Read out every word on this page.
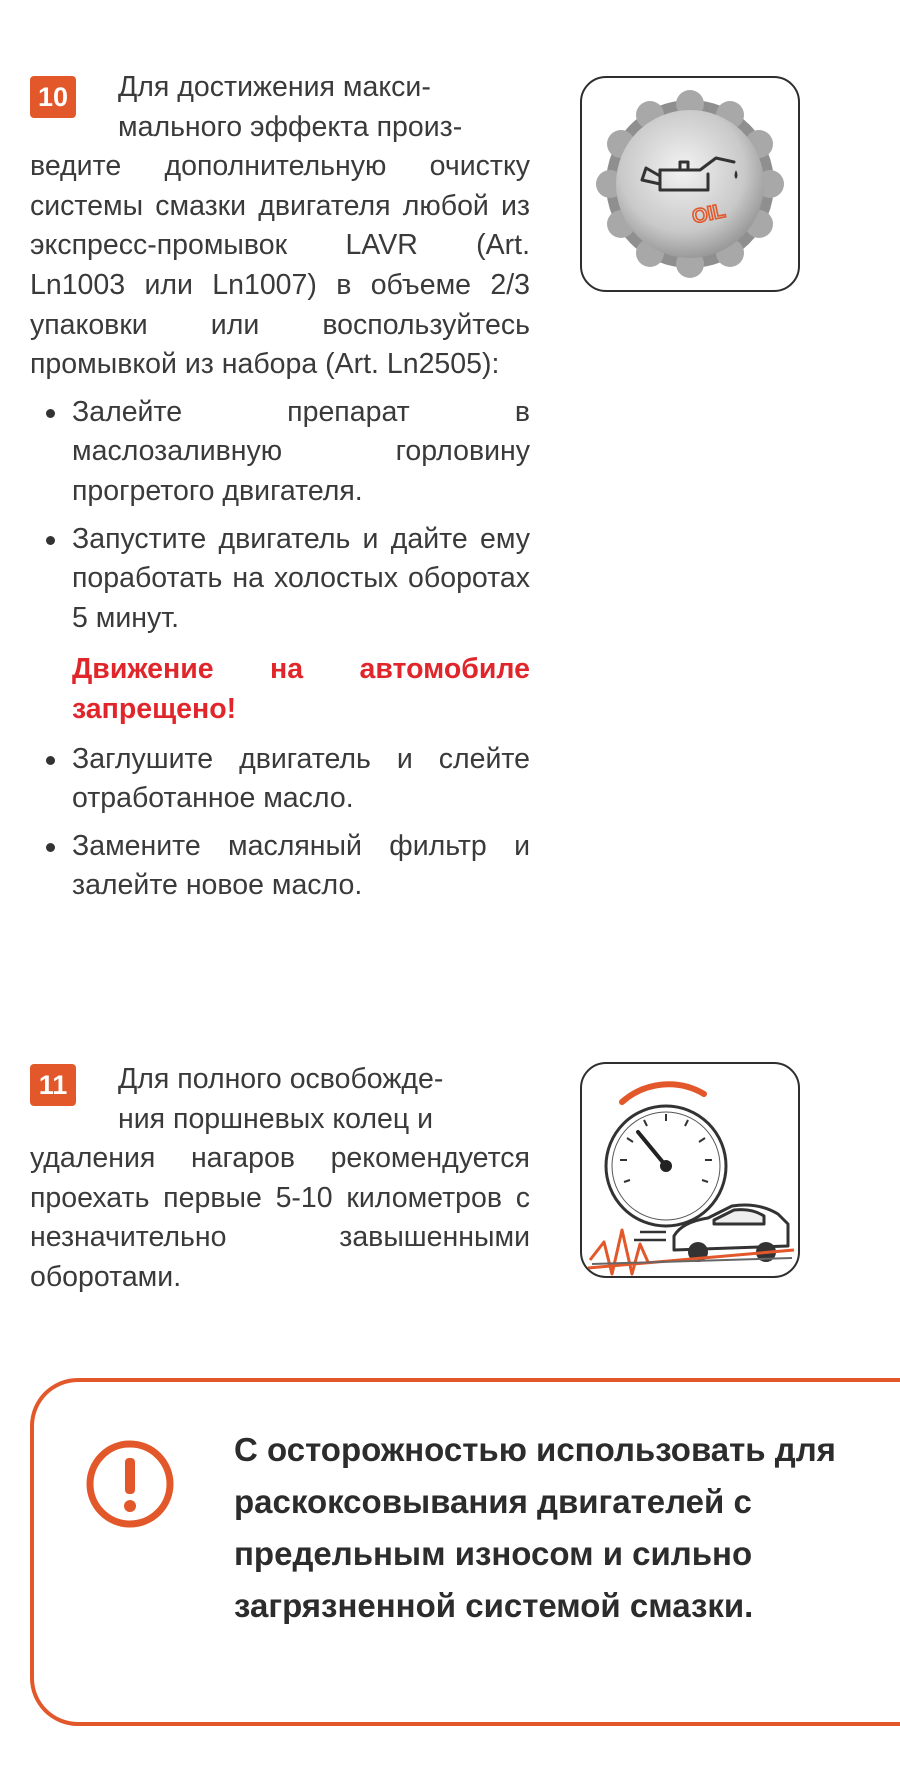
10	Для достижения макси-
мального эффекта произ-
ведите дополнительную очистку системы смазки двигателя любой из экспресс-промывок LAVR (Art. Ln1003 или Ln1007) в объеме 2/3 упаковки или воспользуйтесь промывкой из набора (Art. Ln2505):
Залейте препарат в маслозаливную горловину прогретого двигателя.
Запустите двигатель и дайте ему поработать на холостых оборотах 5 минут.
Движение на автомобиле запрещено!
Заглушите двигатель и слейте отработанное масло.
Замените масляный фильтр и залейте новое масло.
OIL
11	Для полного освобожде-
ния поршневых колец и
удаления нагаров рекомендуется проехать первые 5-10 километров с незначительно завышенными оборотами.
С осторожностью использовать для раскоксовывания двигателей с предельным износом и сильно загрязненной системой смазки.
